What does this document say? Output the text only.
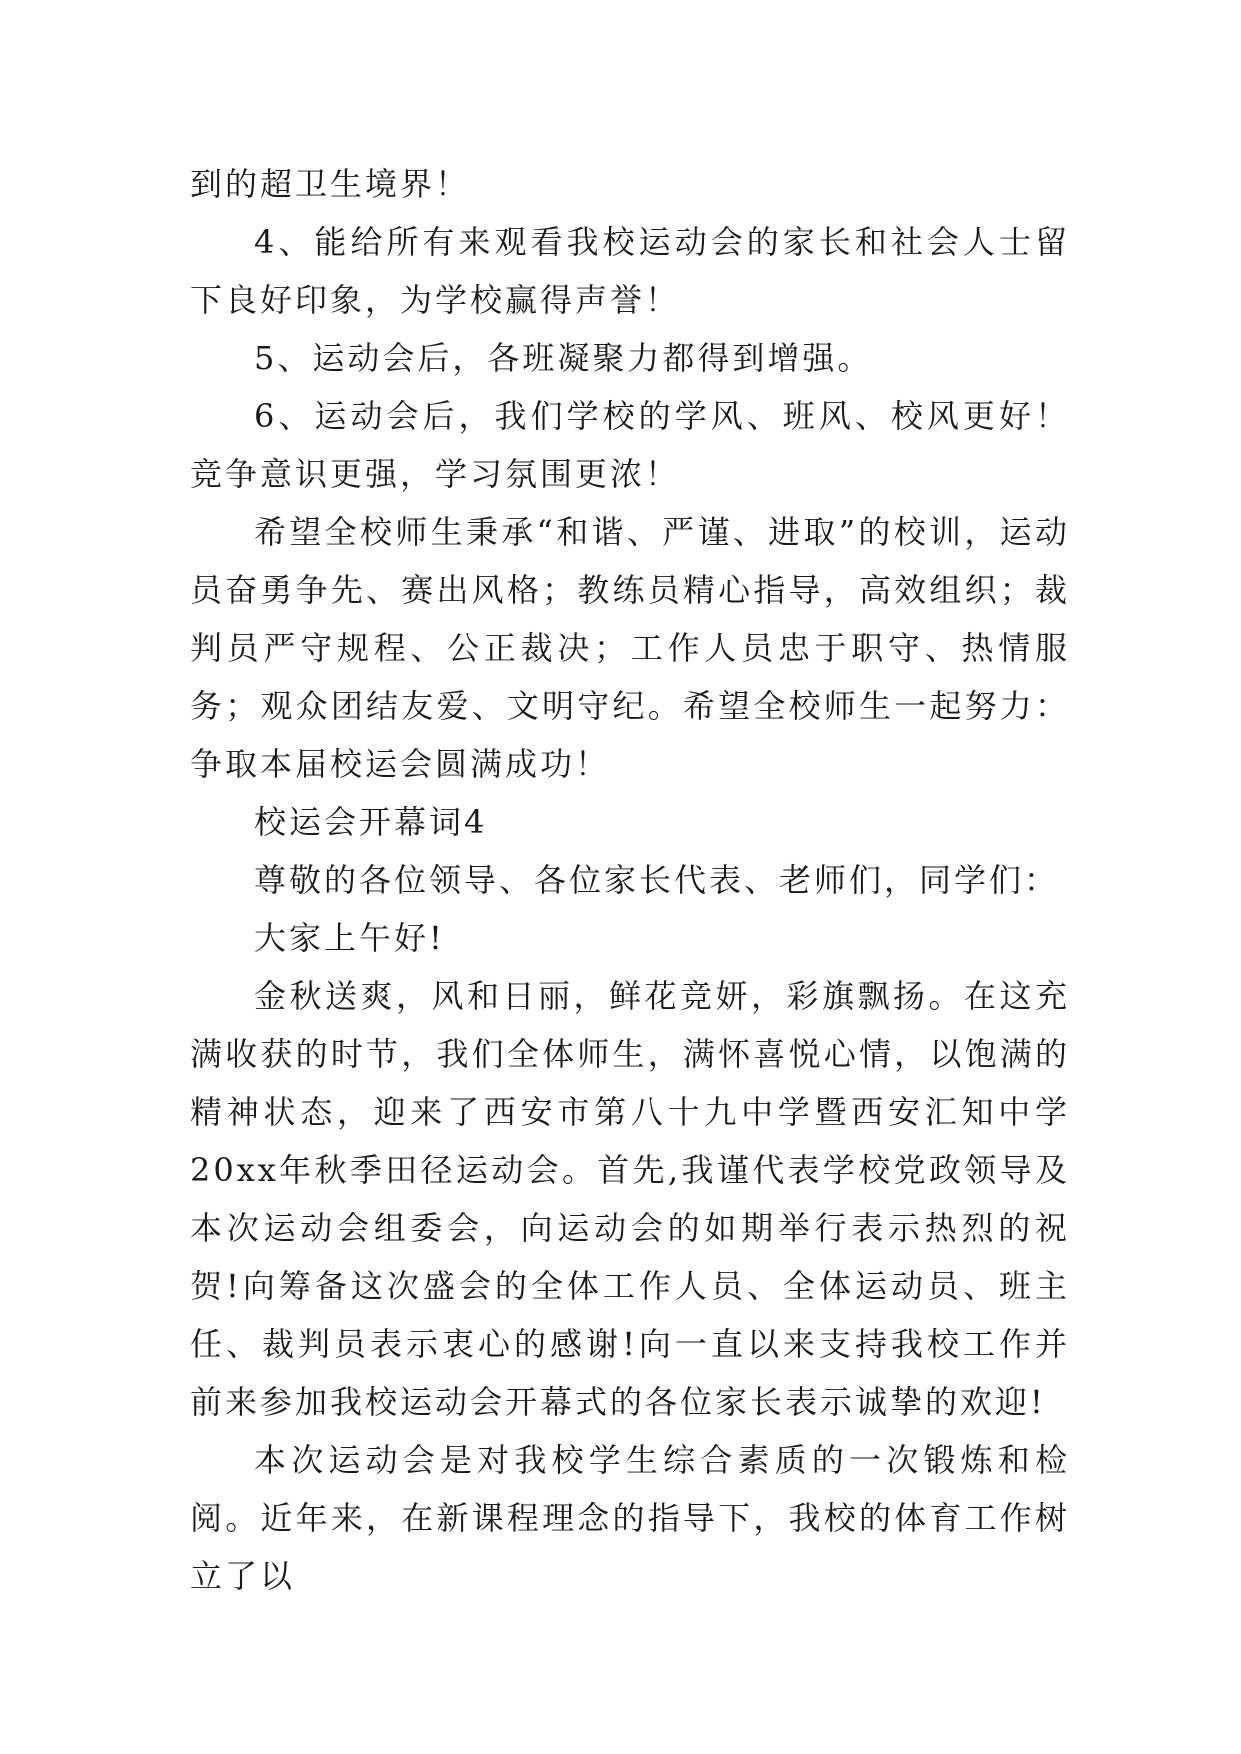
到的超卫生境界！

4、能给所有来观看我校运动会的家长和社会人士留下良好印象，为学校赢得声誉！

5、运动会后，各班凝聚力都得到增强。

6、运动会后，我们学校的学风、班风、校风更好！竞争意识更强，学习氛围更浓！

希望全校师生秉承“和谐、严谨、进取”的校训，运动员奋勇争先、赛出风格；教练员精心指导，高效组织；裁判员严守规程、公正裁决；工作人员忠于职守、热情服务；观众团结友爱、文明守纪。希望全校师生一起努力：争取本届校运会圆满成功！

校运会开幕词4

尊敬的各位领导、各位家长代表、老师们，同学们：

大家上午好!

金秋送爽，风和日丽，鲜花竞妍，彩旗飘扬。在这充满收获的时节，我们全体师生，满怀喜悦心情，以饱满的精神状态，迎来了西安市第八十九中学暨西安汇知中学20xx年秋季田径运动会。首先,我谨代表学校党政领导及本次运动会组委会，向运动会的如期举行表示热烈的祝贺!向筹备这次盛会的全体工作人员、全体运动员、班主任、裁判员表示衷心的感谢!向一直以来支持我校工作并前来参加我校运动会开幕式的各位家长表示诚挚的欢迎!

本次运动会是对我校学生综合素质的一次锻炼和检阅。近年来，在新课程理念的指导下，我校的体育工作树立了以
